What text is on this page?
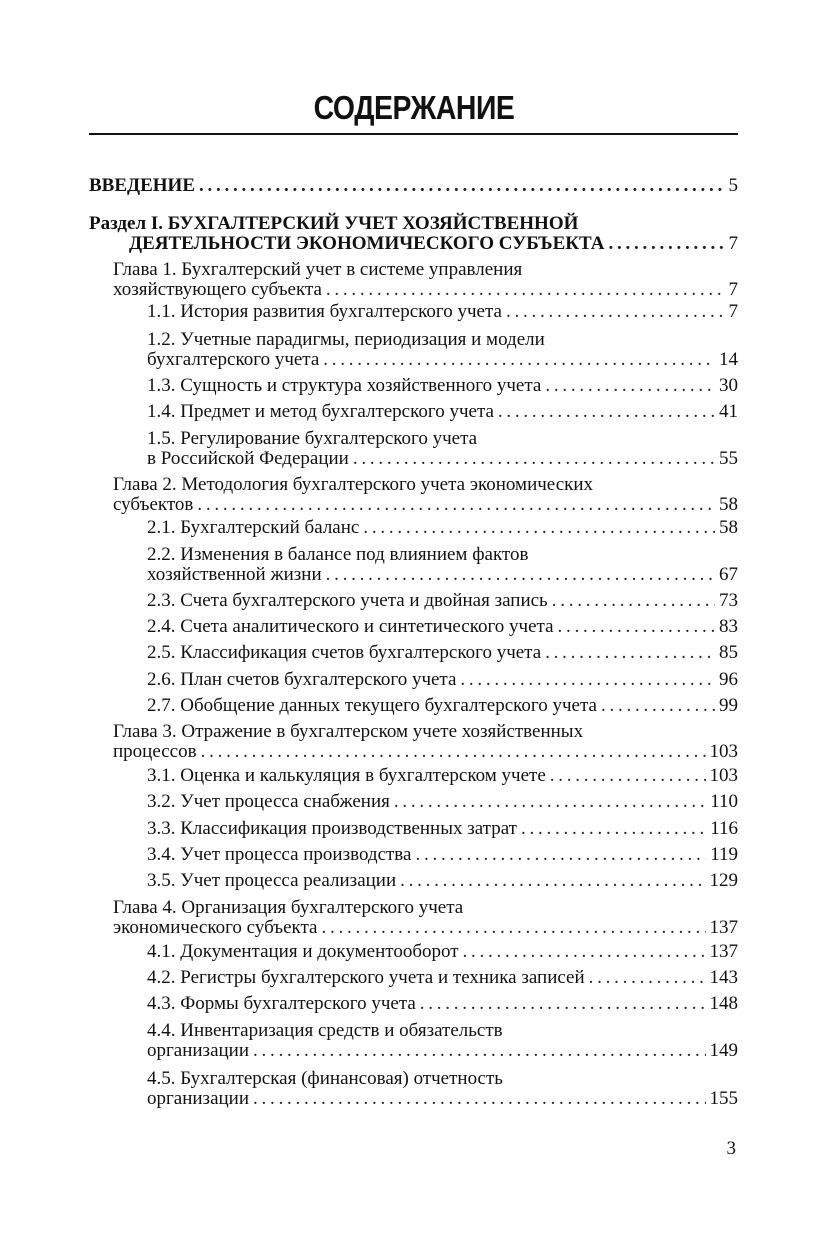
СОДЕРЖАНИЕ
ВВЕДЕНИЕ . . .	5
Раздел I. БУХГАЛТЕРСКИЙ УЧЕТ ХОЗЯЙСТВЕННОЙ
ДЕЯТЕЛЬНОСТИ ЭКОНОМИЧЕСКОГО СУБЪЕКТА . . .	7
Глава 1. Бухгалтерский учет в системе управления
хозяйствующего субъекта . . .	7
1.1. История развития бухгалтерского учета . . .	7
1.2. Учетные парадигмы, периодизация и модели
бухгалтерского учета . . .	14
1.3. Сущность и структура хозяйственного учета . . .	30
1.4. Предмет и метод бухгалтерского учета . . .	41
1.5. Регулирование бухгалтерского учета
в Российской Федерации . . .	55
Глава 2. Методология бухгалтерского учета экономических
субъектов . . .	58
2.1. Бухгалтерский баланс . . .	58
2.2. Изменения в балансе под влиянием фактов
хозяйственной жизни . . .	67
2.3. Счета бухгалтерского учета и двойная запись . . .	73
2.4. Счета аналитического и синтетического учета . . .	83
2.5. Классификация счетов бухгалтерского учета . . .	85
2.6. План счетов бухгалтерского учета . . .	96
2.7. Обобщение данных текущего бухгалтерского учета . . .	99
Глава 3. Отражение в бухгалтерском учете хозяйственных
процессов . . .	103
3.1. Оценка и калькуляция в бухгалтерском учете . . .	103
3.2. Учет процесса снабжения . . .	110
3.3. Классификация производственных затрат . . .	116
3.4. Учет процесса производства . . .	119
3.5. Учет процесса реализации . . .	129
Глава 4. Организация бухгалтерского учета
экономического субъекта . . .	137
4.1. Документация и документооборот . . .	137
4.2. Регистры бухгалтерского учета и техника записей . . .	143
4.3. Формы бухгалтерского учета . . .	148
4.4. Инвентаризация средств и обязательств
организации . . .	149
4.5. Бухгалтерская (финансовая) отчетность
организации . . .	155
3
